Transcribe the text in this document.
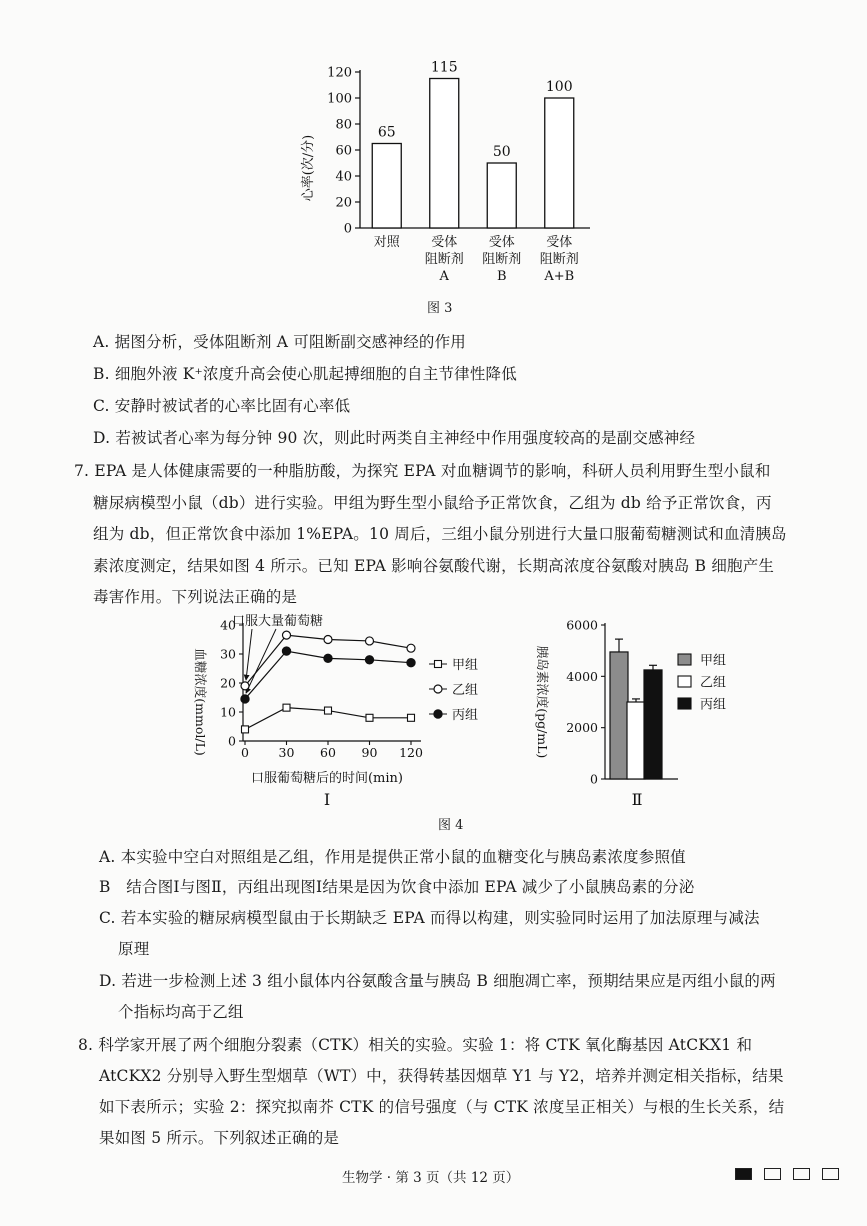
心率(次/分)
0
20
40
60
80
100
120
65
115
50
100
对照 受体
阻断剂
A
受体
阻断剂
B
受体
阻断剂
A+B
图 3
A. 据图分析，受体阻断剂 A 可阻断副交感神经的作用
B. 细胞外液 K⁺浓度升高会使心肌起搏细胞的自主节律性降低
C. 安静时被试者的心率比固有心率低
D. 若被试者心率为每分钟 90 次，则此时两类自主神经中作用强度较高的是副交感神经
7. EPA 是人体健康需要的一种脂肪酸，为探究 EPA 对血糖调节的影响，科研人员利用野生型小鼠和
糖尿病模型小鼠（db）进行实验。甲组为野生型小鼠给予正常饮食，乙组为 db 给予正常饮食，丙
组为 db，但正常饮食中添加 1%EPA。10 周后，三组小鼠分别进行大量口服葡萄糖测试和血清胰岛
素浓度测定，结果如图 4 所示。已知 EPA 影响谷氨酸代谢，长期高浓度谷氨酸对胰岛 B 细胞产生
毒害作用。下列说法正确的是
口服大量葡萄糖
血糖浓度(mmol/L)
口服葡萄糖后的时间(min)
Ⅰ
0
10
20
30
40
0 30 60 90 120
甲组
乙组
丙组	胰岛素浓度(pg/mL)
Ⅱ
0
2000
4000
6000
甲组
乙组
丙组
图 4
A. 本实验中空白对照组是乙组，作用是提供正常小鼠的血糖变化与胰岛素浓度参照值
B　结合图Ⅰ与图Ⅱ，丙组出现图Ⅰ结果是因为饮食中添加 EPA 减少了小鼠胰岛素的分泌
C. 若本实验的糖尿病模型鼠由于长期缺乏 EPA 而得以构建，则实验同时运用了加法原理与减法
原理
D. 若进一步检测上述 3 组小鼠体内谷氨酸含量与胰岛 B 细胞凋亡率，预期结果应是丙组小鼠的两
个指标均高于乙组
8. 科学家开展了两个细胞分裂素（CTK）相关的实验。实验 1：将 CTK 氧化酶基因 AtCKX1 和
AtCKX2 分别导入野生型烟草（WT）中，获得转基因烟草 Y1 与 Y2，培养并测定相关指标，结果
如下表所示；实验 2：探究拟南芥 CTK 的信号强度（与 CTK 浓度呈正相关）与根的生长关系，结
果如图 5 所示。下列叙述正确的是
生物学 · 第 3 页（共 12 页）
